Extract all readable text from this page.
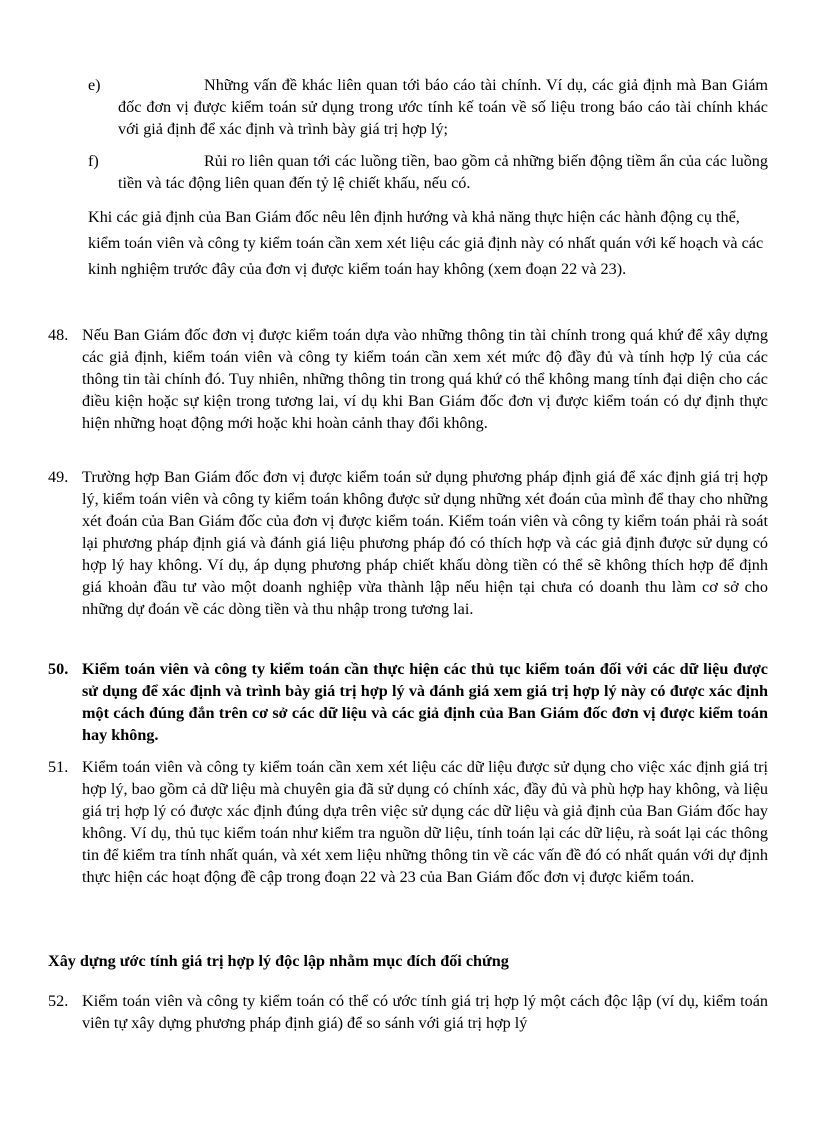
e)	Những vấn đề khác liên quan tới báo cáo tài chính. Ví dụ, các giả định mà Ban Giám đốc đơn vị được kiểm toán sử dụng trong ước tính kế toán về số liệu trong báo cáo tài chính khác với giả định để xác định và trình bày giá trị hợp lý;

f)	Rủi ro liên quan tới các luồng tiền, bao gồm cả những biến động tiềm ẩn của các luồng tiền và tác động liên quan đến tỷ lệ chiết khấu, nếu có.

Khi các giả định của Ban Giám đốc nêu lên định hướng và khả năng thực hiện các hành động cụ thể, kiểm toán viên và công ty kiểm toán cần xem xét liệu các giả định này có nhất quán với kế hoạch và các kinh nghiệm trước đây của đơn vị được kiểm toán hay không (xem đoạn 22 và 23).

48. Nếu Ban Giám đốc đơn vị được kiểm toán dựa vào những thông tin tài chính trong quá khứ để xây dựng các giả định, kiểm toán viên và công ty kiểm toán cần xem xét mức độ đầy đủ và tính hợp lý của các thông tin tài chính đó. Tuy nhiên, những thông tin trong quá khứ có thể không mang tính đại diện cho các điều kiện hoặc sự kiện trong tương lai, ví dụ khi Ban Giám đốc đơn vị được kiểm toán có dự định thực hiện những hoạt động mới hoặc khi hoàn cảnh thay đổi không.

49. Trường hợp Ban Giám đốc đơn vị được kiểm toán sử dụng phương pháp định giá để xác định giá trị hợp lý, kiểm toán viên và công ty kiểm toán không được sử dụng những xét đoán của mình để thay cho những xét đoán của Ban Giám đốc của đơn vị được kiểm toán. Kiểm toán viên và công ty kiểm toán phải rà soát lại phương pháp định giá và đánh giá liệu phương pháp đó có thích hợp và các giả định được sử dụng có hợp lý hay không. Ví dụ, áp dụng phương pháp chiết khấu dòng tiền có thể sẽ không thích hợp để định giá khoản đầu tư vào một doanh nghiệp vừa thành lập nếu hiện tại chưa có doanh thu làm cơ sở cho những dự đoán về các dòng tiền và thu nhập trong tương lai.

50. Kiểm toán viên và công ty kiểm toán cần thực hiện các thủ tục kiểm toán đối với các dữ liệu được sử dụng để xác định và trình bày giá trị hợp lý và đánh giá xem giá trị hợp lý này có được xác định một cách đúng đắn trên cơ sở các dữ liệu và các giả định của Ban Giám đốc đơn vị được kiểm toán hay không.

51. Kiểm toán viên và công ty kiểm toán cần xem xét liệu các dữ liệu được sử dụng cho việc xác định giá trị hợp lý, bao gồm cả dữ liệu mà chuyên gia đã sử dụng có chính xác, đầy đủ và phù hợp hay không, và liệu giá trị hợp lý có được xác định đúng dựa trên việc sử dụng các dữ liệu và giả định của Ban Giám đốc hay không. Ví dụ, thủ tục kiểm toán như kiểm tra nguồn dữ liệu, tính toán lại các dữ liệu, rà soát lại các thông tin để kiểm tra tính nhất quán, và xét xem liệu những thông tin về các vấn đề đó có nhất quán với dự định thực hiện các hoạt động đề cập trong đoạn 22 và 23 của Ban Giám đốc đơn vị được kiểm toán.

Xây dựng ước tính giá trị hợp lý độc lập nhằm mục đích đối chứng

52. Kiểm toán viên và công ty kiểm toán có thể có ước tính giá trị hợp lý một cách độc lập (ví dụ, kiểm toán viên tự xây dựng phương pháp định giá) để so sánh với giá trị hợp lý
